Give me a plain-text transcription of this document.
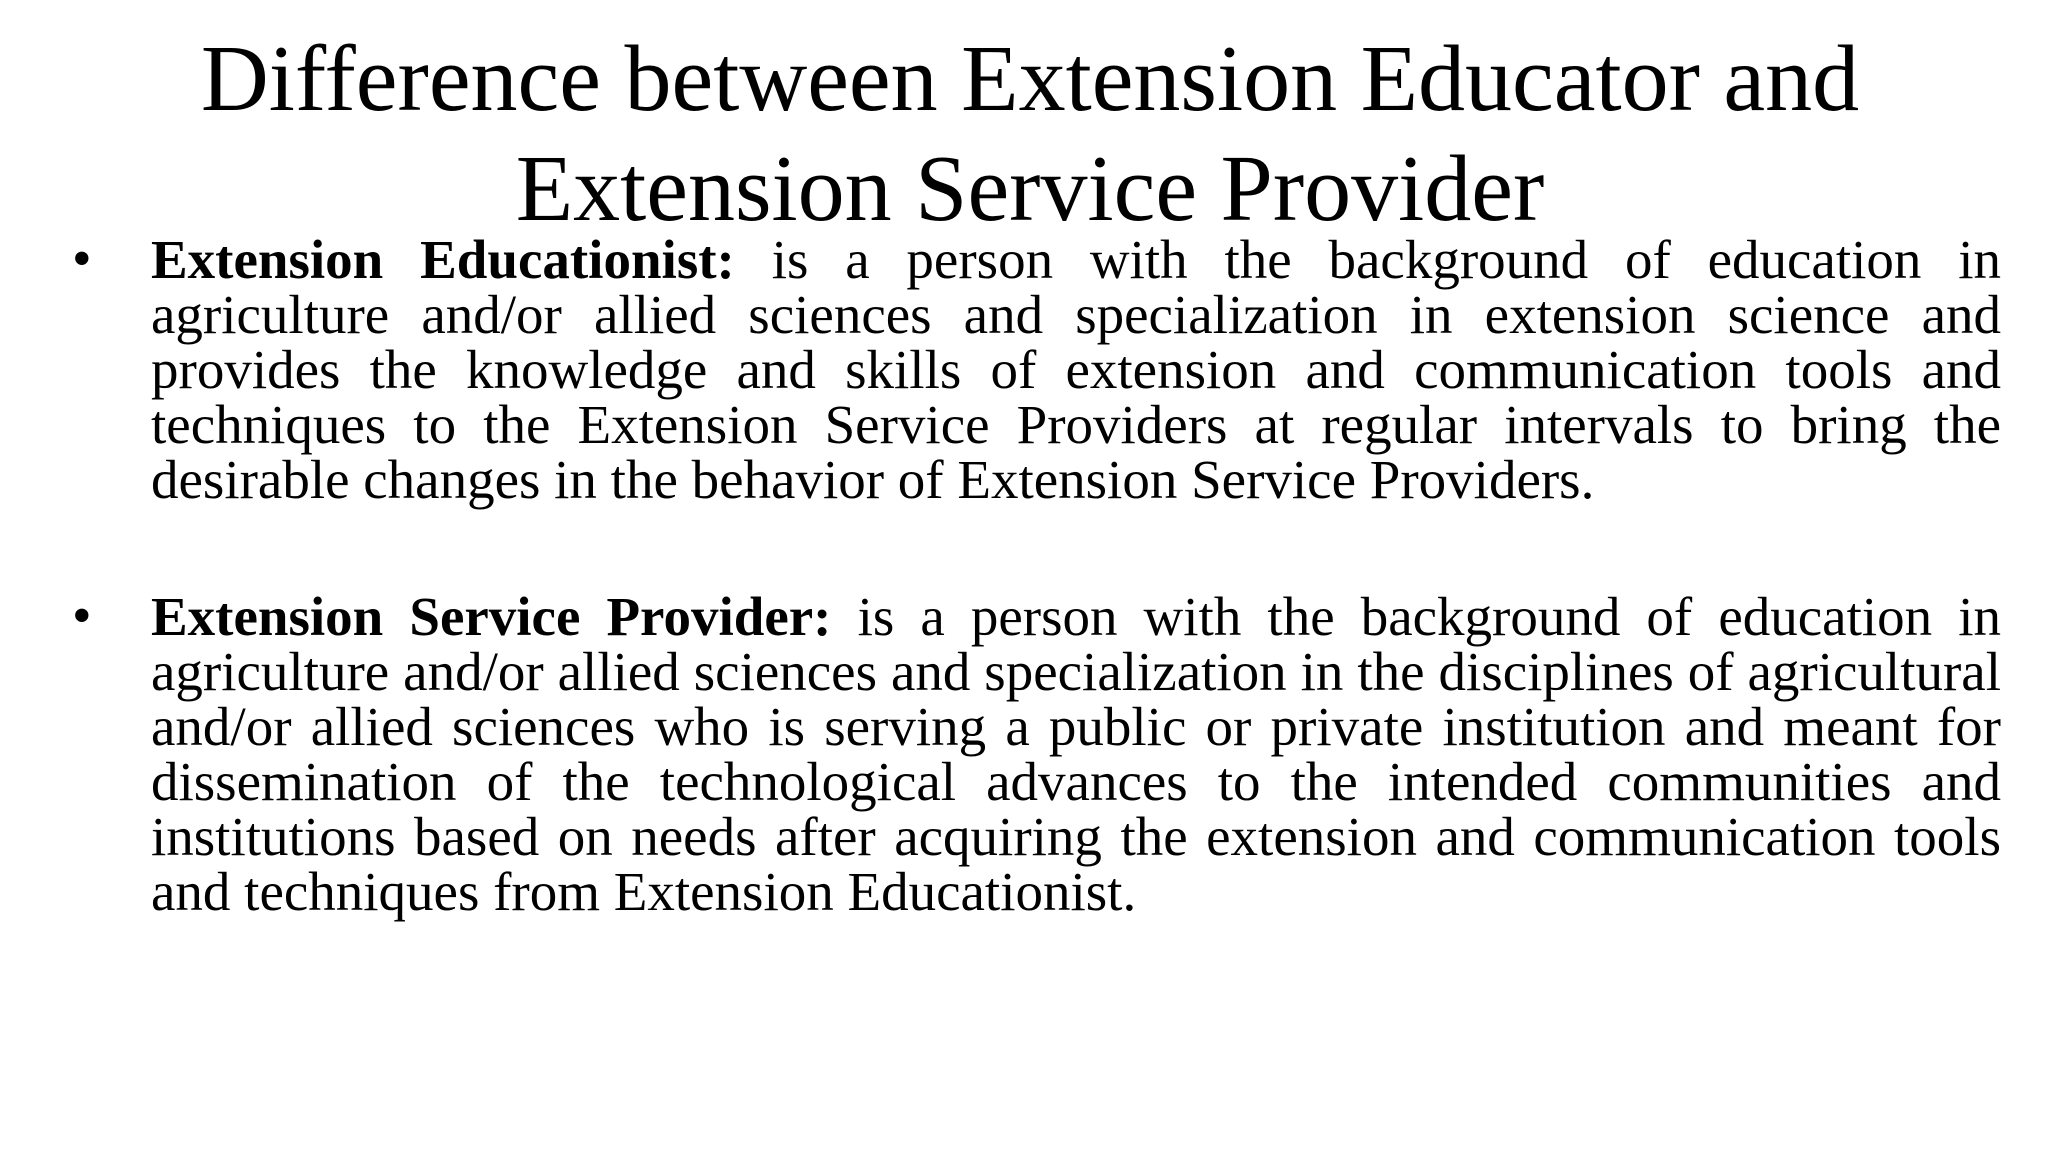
Difference between Extension Educator and Extension Service Provider
• Extension Educationist: is a person with the background of education in agriculture and/or allied sciences and specialization in extension science and provides the knowledge and skills of extension and communication tools and techniques to the Extension Service Providers at regular intervals to bring the desirable changes in the behavior of Extension Service Providers.

• Extension Service Provider: is a person with the background of education in agriculture and/or allied sciences and specialization in the disciplines of agricultural and/or allied sciences who is serving a public or private institution and meant for dissemination of the technological advances to the intended communities and institutions based on needs after acquiring the extension and communication tools and techniques from Extension Educationist.
